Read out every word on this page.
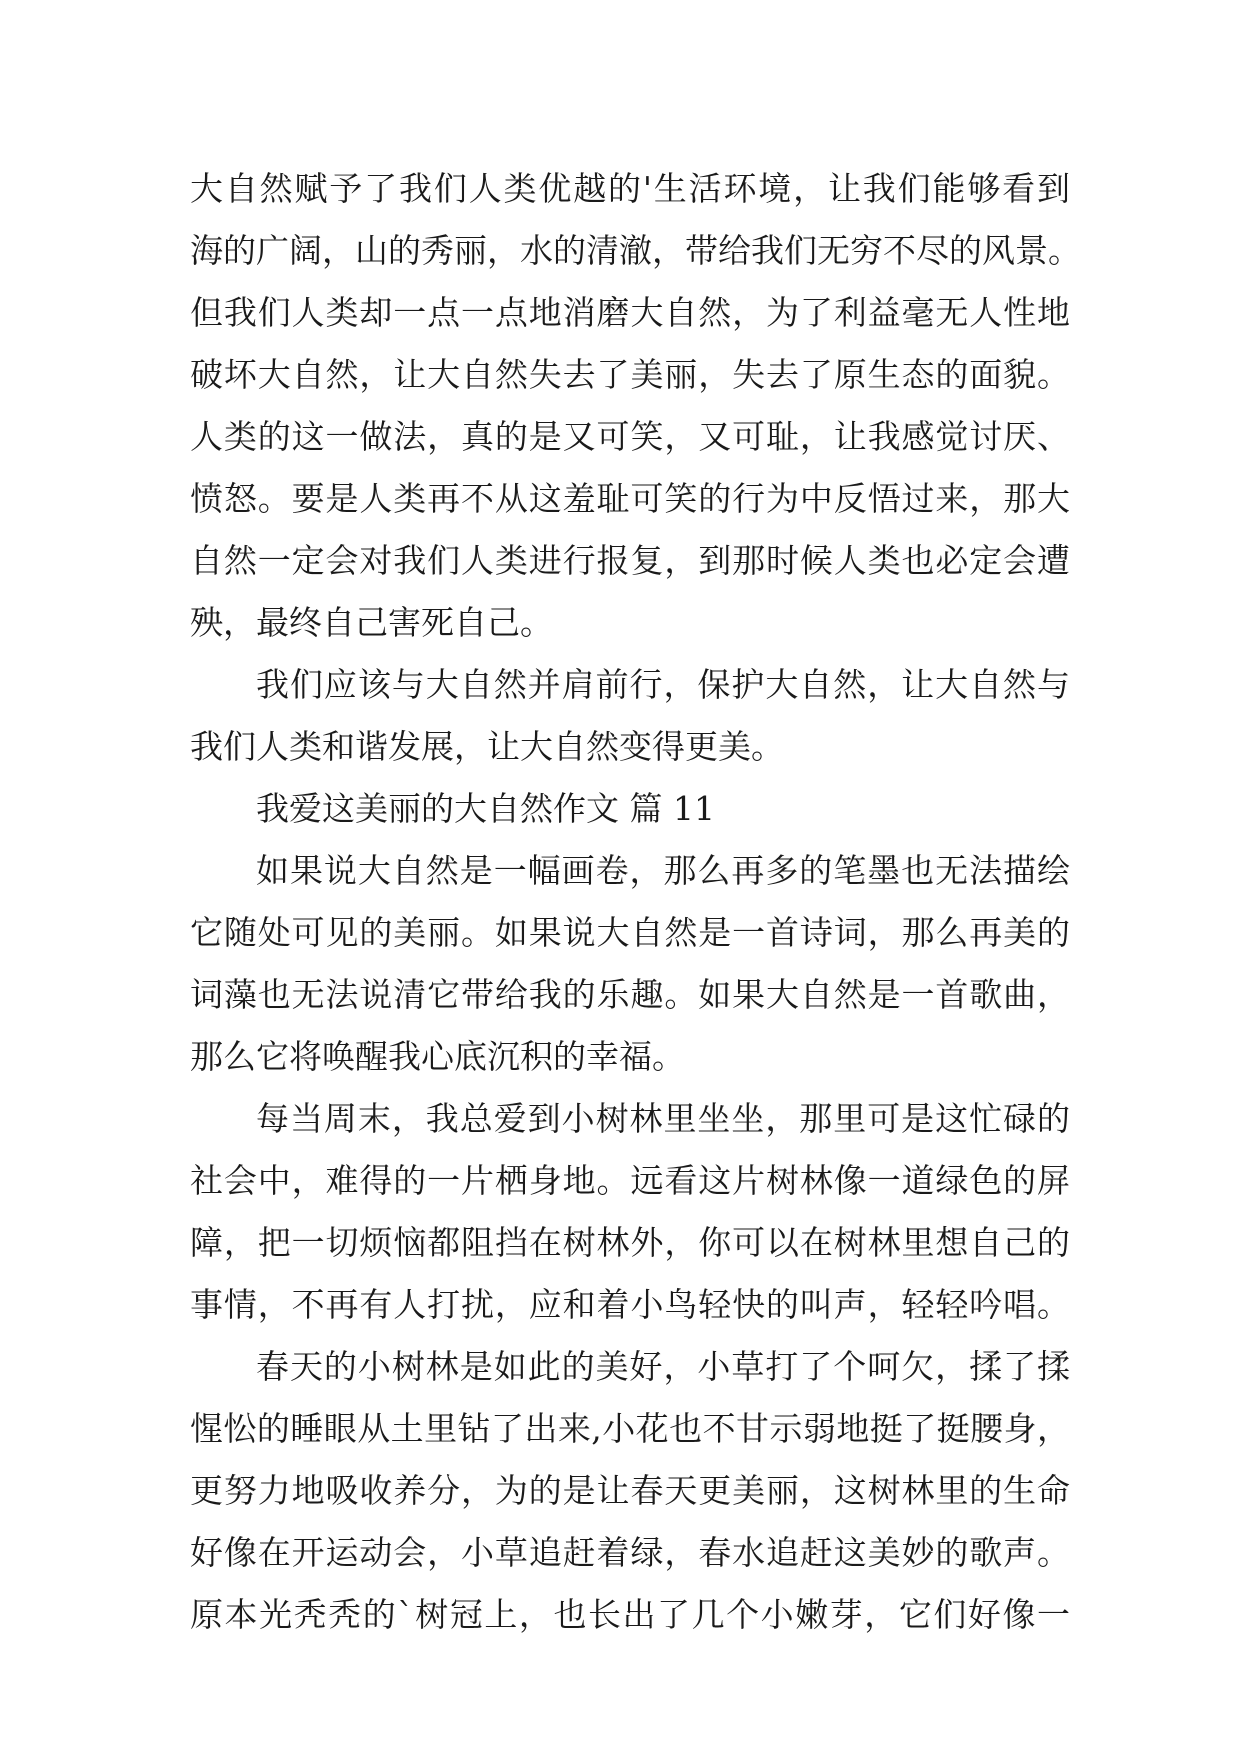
大自然赋予了我们人类优越的'生活环境，让我们能够看到
海的广阔，山的秀丽，水的清澈，带给我们无穷不尽的风景。
但我们人类却一点一点地消磨大自然，为了利益毫无人性地
破坏大自然，让大自然失去了美丽，失去了原生态的面貌。
人类的这一做法，真的是又可笑，又可耻，让我感觉讨厌、
愤怒。要是人类再不从这羞耻可笑的行为中反悟过来，那大
自然一定会对我们人类进行报复，到那时候人类也必定会遭
殃，最终自己害死自己。
我们应该与大自然并肩前行，保护大自然，让大自然与
我们人类和谐发展，让大自然变得更美。
我爱这美丽的大自然作文 篇 11
如果说大自然是一幅画卷，那么再多的笔墨也无法描绘
它随处可见的美丽。如果说大自然是一首诗词，那么再美的
词藻也无法说清它带给我的乐趣。如果大自然是一首歌曲，
那么它将唤醒我心底沉积的幸福。
每当周末，我总爱到小树林里坐坐，那里可是这忙碌的
社会中，难得的一片栖身地。远看这片树林像一道绿色的屏
障，把一切烦恼都阻挡在树林外，你可以在树林里想自己的
事情，不再有人打扰，应和着小鸟轻快的叫声，轻轻吟唱。
春天的小树林是如此的美好，小草打了个呵欠，揉了揉
惺忪的睡眼从土里钻了出来,小花也不甘示弱地挺了挺腰身，
更努力地吸收养分，为的是让春天更美丽，这树林里的生命
好像在开运动会，小草追赶着绿，春水追赶这美妙的歌声。
原本光秃秃的`树冠上，也长出了几个小嫩芽，它们好像一
